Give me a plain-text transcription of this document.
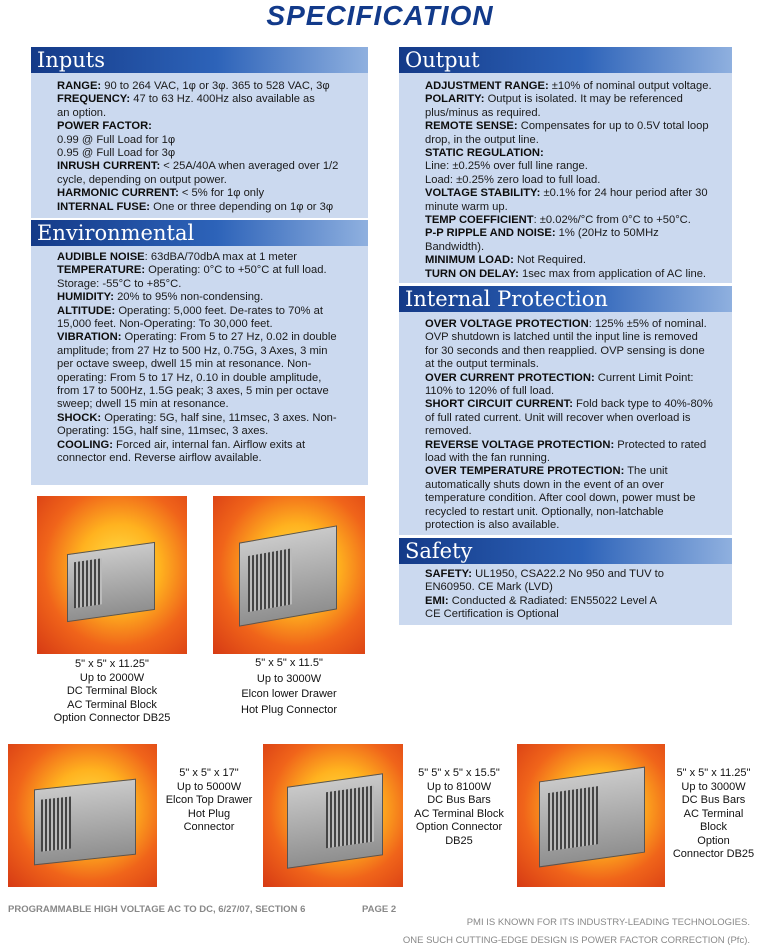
SPECIFICATION
Inputs

RANGE: 90 to 264 VAC, 1φ or 3φ. 365 to 528 VAC, 3φ

FREQUENCY: 47 to 63 Hz. 400Hz also available as

an option.

POWER FACTOR:

0.99 @ Full Load for 1φ

0.95 @ Full Load for 3φ

INRUSH CURRENT: < 25A/40A when averaged over 1/2

cycle, depending on output power.

HARMONIC CURRENT: < 5% for 1φ only

INTERNAL FUSE: One or three depending on 1φ or 3φ

Environmental

AUDIBLE NOISE: 63dBA/70dbA max at 1 meter

TEMPERATURE: Operating: 0°C to +50°C at full load.

Storage: -55°C to +85°C.

HUMIDITY: 20% to 95% non-condensing.

ALTITUDE: Operating: 5,000 feet. De-rates to 70% at

15,000 feet. Non-Operating: To 30,000 feet.

VIBRATION: Operating: From 5 to 27 Hz, 0.02 in double

amplitude; from 27 Hz to 500 Hz, 0.75G, 3 Axes, 3 min

per octave sweep, dwell 15 min at resonance. Non-

operating: From 5 to 17 Hz, 0.10 in double amplitude,

from 17 to 500Hz, 1.5G peak; 3 axes, 5 min per octave

sweep; dwell 15 min at resonance.

SHOCK: Operating: 5G, half sine, 11msec, 3 axes. Non-

Operating: 15G, half sine, 11msec, 3 axes.

COOLING: Forced air, internal fan. Airflow exits at

connector end. Reverse airflow available.

Output

ADJUSTMENT RANGE: ±10% of nominal output voltage.

POLARITY: Output is isolated. It may be referenced

plus/minus as required.

REMOTE SENSE: Compensates for up to 0.5V total loop

drop, in the output line.

STATIC REGULATION:

Line: ±0.25% over full line range.

Load: ±0.25% zero load to full load.

VOLTAGE STABILITY: ±0.1% for 24 hour period after 30

minute warm up.

TEMP COEFFICIENT: ±0.02%/°C from 0°C to +50°C.

P-P RIPPLE AND NOISE: 1% (20Hz to 50MHz

Bandwidth).

MINIMUM LOAD: Not Required.

TURN ON DELAY: 1sec max from application of AC line.

Internal Protection

OVER VOLTAGE PROTECTION: 125% ±5% of nominal.

OVP shutdown is latched until the input line is removed

for 30 seconds and then reapplied. OVP sensing is done

at the output terminals.

OVER CURRENT PROTECTION: Current Limit Point:

110% to 120% of full load.

SHORT CIRCUIT CURRENT: Fold back type to 40%-80%

of full rated current. Unit will recover when overload is

removed.

REVERSE VOLTAGE PROTECTION: Protected to rated

load with the fan running.

OVER TEMPERATURE PROTECTION: The unit

automatically shuts down in the event of an over

temperature condition. After cool down, power must be

recycled to restart unit. Optionally, non-latchable

protection is also available.

Safety

SAFETY: UL1950, CSA22.2 No 950 and TUV to

EN60950. CE Mark (LVD)

EMI: Conducted & Radiated: EN55022 Level A

CE Certification is Optional

5" x 5" x 11.25"
Up to 2000W
DC Terminal Block
AC Terminal Block
Option Connector DB25
5" x 5" x 11.5"
Up to 3000W
Elcon lower Drawer
Hot Plug Connector
5" x 5" x 17"
Up to 5000W
Elcon Top Drawer
Hot Plug
Connector
5" 5" x 5" x 15.5"
Up to 8100W
DC Bus Bars
AC Terminal Block
Option Connector
DB25
5" x 5" x 11.25"
Up to 3000W
DC Bus Bars
AC Terminal
Block
Option
Connector DB25
PROGRAMMABLE HIGH VOLTAGE AC TO DC, 6/27/07, SECTION 6	PAGE 2
PMI IS KNOWN FOR ITS INDUSTRY-LEADING TECHNOLOGIES.
ONE SUCH CUTTING-EDGE DESIGN IS POWER FACTOR CORRECTION (Pfc).
